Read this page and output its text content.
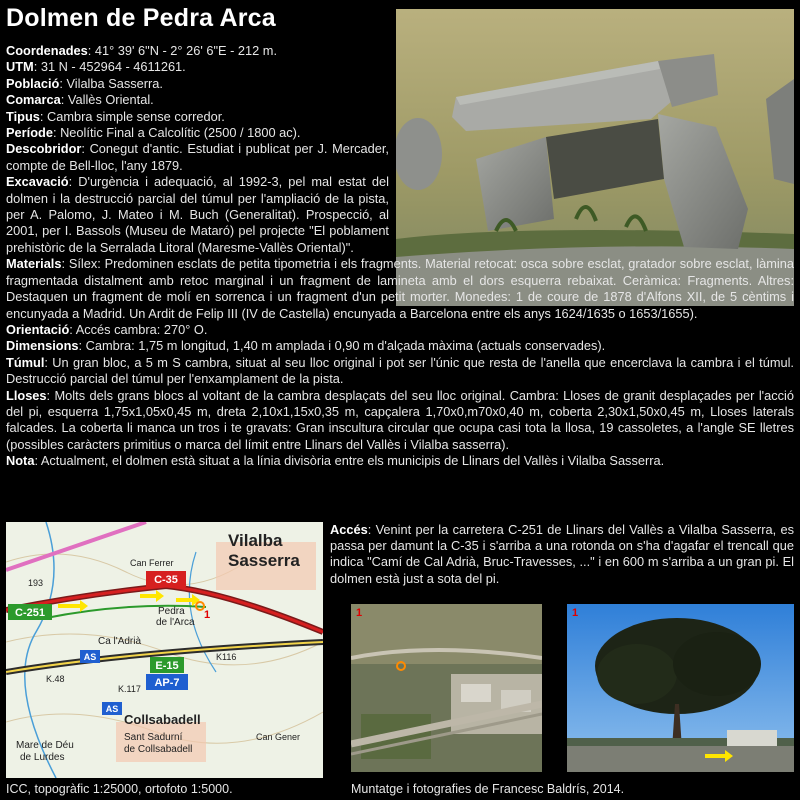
Dolmen de Pedra Arca

Coordenades: 41° 39' 6"N - 2° 26' 6"E - 212 m.

UTM: 31 N - 452964 - 4611261.

Població: Vilalba Sasserra.

Comarca: Vallès Oriental.

Tipus: Cambra simple sense corredor.

Període: Neolític Final a Calcolític (2500 / 1800 ac).

Descobridor: Conegut d'antic. Estudiat i publicat per J. Mercader, compte de Bell-lloc, l'any 1879.

Excavació: D'urgència i adequació, al 1992-3, pel mal estat del dolmen i la destrucció parcial del túmul per l'ampliació de la pista, per A. Palomo, J. Mateo i M. Buch (Generalitat). Prospecció, al 2001, per I. Bassols (Museu de Mataró) pel projecte "El poblament prehistòric de la Serralada Litoral (Maresme-Vallès Oriental)".

Materials: Sílex: Predominen esclats de petita tipometria i els fragments. Material retocat: osca sobre esclat, gratador sobre esclat, làmina fragmentada distalment amb retoc marginal i un fragment de lamineta amb el dors esquerra rebaixat. Ceràmica: Fragments. Altres: Destaquen un fragment de molí en sorrenca i un fragment d'un petit morter. Monedes: 1 de coure de 1878 d'Alfons XII, de 5 cèntims i encunyada a Madrid. Un Ardit de Felip III (IV de Castella) encunyada a Barcelona entre els anys 1624/1635 o 1653/1655).

Orientació: Accés cambra: 270° O.

Dimensions: Cambra: 1,75 m longitud, 1,40 m amplada i 0,90 m d'alçada màxima (actuals conservades).

Túmul: Un gran bloc, a 5 m S cambra, situat al seu lloc original i pot ser l'únic que resta de l'anella que encerclava la cambra i el túmul. Destrucció parcial del túmul per l'enxamplament de la pista.

Lloses: Molts dels grans blocs al voltant de la cambra desplaçats del seu lloc original. Cambra: Lloses de granit desplaçades per l'acció del pi, esquerra 1,75x1,05x0,45 m, dreta 2,10x1,15x0,35 m, capçalera 1,70x0,m70x0,40 m, coberta 2,30x1,50x0,45 m, Lloses laterals falcades. La coberta li manca un tros i te gravats: Gran inscultura circular que ocupa casi tota la llosa, 19 cassoletes, a l'angle SE lletres (possibles caràcters primitius o marca del límit entre Llinars del Vallès i Vilalba sasserra).

Nota: Actualment, el dolmen està situat a la línia divisòria entre els municipis de Llinars del Vallès i Vilalba Sasserra.

C-251
C-35
E-15
AP-7
AS
AS
1
Vilalba
Sasserra
Can Ferrer
Pedra
de l'Arca
Ca l'Adrià
K116
K.48
K.117
193
Collsabadell
Sant Sadurní
de Collsabadell
Mare de Déu
de Lurdes
Can Gener

Accés: Venint per la carretera C-251 de Llinars del Vallès a Vilalba Sasserra, es passa per damunt la C-35 i s'arriba a una rotonda on s'ha d'agafar el trencall que indica "Camí de Cal Adrià, Bruc-Travesses, ..." i en 600 m s'arriba a un gran pi. El dolmen està just a sota del pi.

1	1
ICC, topogràfic 1:25000, ortofoto 1:5000.	Muntatge i fotografies de Francesc Baldrís, 2014.
